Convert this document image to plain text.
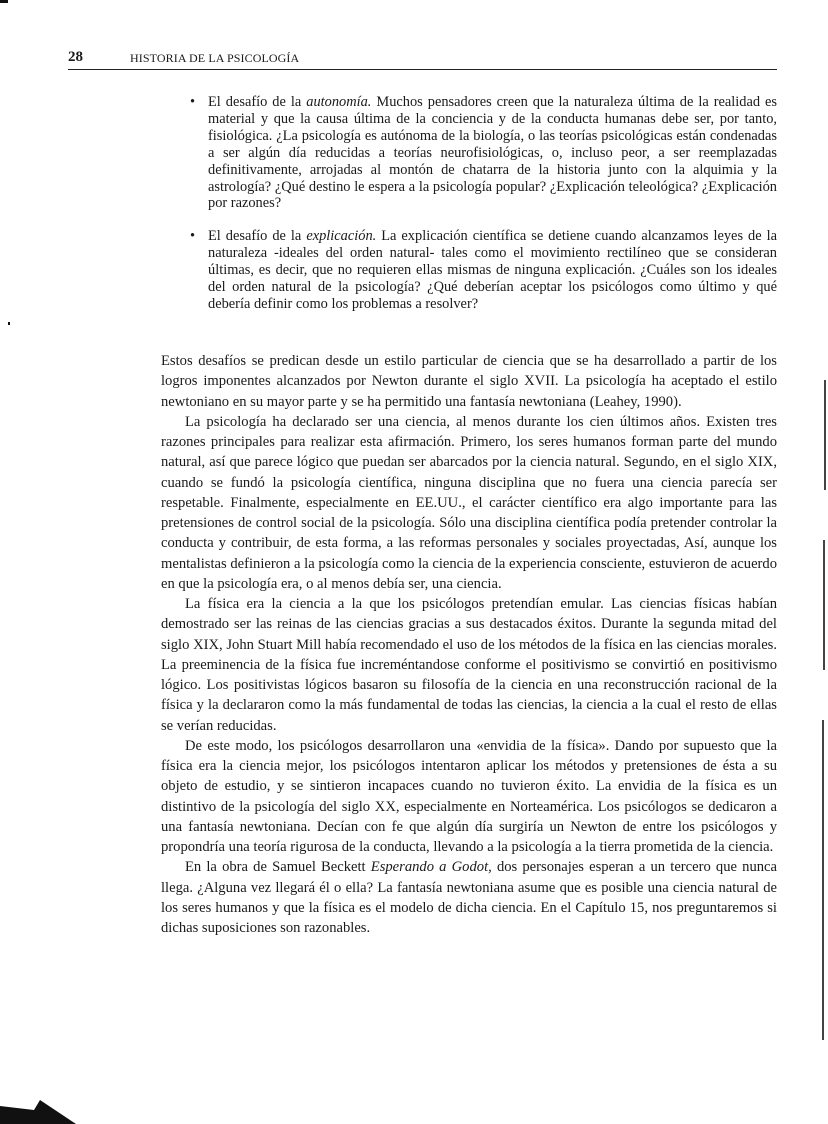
28	HISTORIA DE LA PSICOLOGÍA
• El desafío de la autonomía. Muchos pensadores creen que la naturaleza última de la realidad es material y que la causa última de la conciencia y de la conducta humanas debe ser, por tanto, fisiológica. ¿La psicología es autónoma de la biología, o las teorías psicológicas están condenadas a ser algún día reducidas a teorías neurofisiológicas, o, incluso peor, a ser reemplazadas definitivamente, arrojadas al montón de chatarra de la historia junto con la alquimia y la astrología? ¿Qué destino le espera a la psicología popular? ¿Explicación teleológica? ¿Explicación por razones?
• El desafío de la explicación. La explicación científica se detiene cuando alcanzamos leyes de la naturaleza -ideales del orden natural- tales como el movimiento rectilíneo que se consideran últimas, es decir, que no requieren ellas mismas de ninguna explicación. ¿Cuáles son los ideales del orden natural de la psicología? ¿Qué deberían aceptar los psicólogos como último y qué debería definir como los problemas a resolver?

Estos desafíos se predican desde un estilo particular de ciencia que se ha desarrollado a partir de los logros imponentes alcanzados por Newton durante el siglo XVII. La psicología ha aceptado el estilo newtoniano en su mayor parte y se ha permitido una fantasía newtoniana (Leahey, 1990).

La psicología ha declarado ser una ciencia, al menos durante los cien últimos años. Existen tres razones principales para realizar esta afirmación. Primero, los seres humanos forman parte del mundo natural, así que parece lógico que puedan ser abarcados por la ciencia natural. Segundo, en el siglo XIX, cuando se fundó la psicología científica, ninguna disciplina que no fuera una ciencia parecía ser respetable. Finalmente, especialmente en EE.UU., el carácter científico era algo importante para las pretensiones de control social de la psicología. Sólo una disciplina científica podía pretender controlar la conducta y contribuir, de esta forma, a las reformas personales y sociales proyectadas, Así, aunque los mentalistas definieron a la psicología como la ciencia de la experiencia consciente, estuvieron de acuerdo en que la psicología era, o al menos debía ser, una ciencia.

La física era la ciencia a la que los psicólogos pretendían emular. Las ciencias físicas habían demostrado ser las reinas de las ciencias gracias a sus destacados éxitos. Durante la segunda mitad del siglo XIX, John Stuart Mill había recomendado el uso de los métodos de la física en las ciencias morales. La preeminencia de la física fue increméntandose conforme el positivismo se convirtió en positivismo lógico. Los positivistas lógicos basaron su filosofía de la ciencia en una reconstrucción racional de la física y la declararon como la más fundamental de todas las ciencias, la ciencia a la cual el resto de ellas se verían reducidas.

De este modo, los psicólogos desarrollaron una «envidia de la física». Dando por supuesto que la física era la ciencia mejor, los psicólogos intentaron aplicar los métodos y pretensiones de ésta a su objeto de estudio, y se sintieron incapaces cuando no tuvieron éxito. La envidia de la física es un distintivo de la psicología del siglo XX, especialmente en Norteamérica. Los psicólogos se dedicaron a una fantasía newtoniana. Decían con fe que algún día surgiría un Newton de entre los psicólogos y propondría una teoría rigurosa de la conducta, llevando a la psicología a la tierra prometida de la ciencia.

En la obra de Samuel Beckett Esperando a Godot, dos personajes esperan a un tercero que nunca llega. ¿Alguna vez llegará él o ella? La fantasía newtoniana asume que es posible una ciencia natural de los seres humanos y que la física es el modelo de dicha ciencia. En el Capítulo 15, nos preguntaremos si dichas suposiciones son razonables.
